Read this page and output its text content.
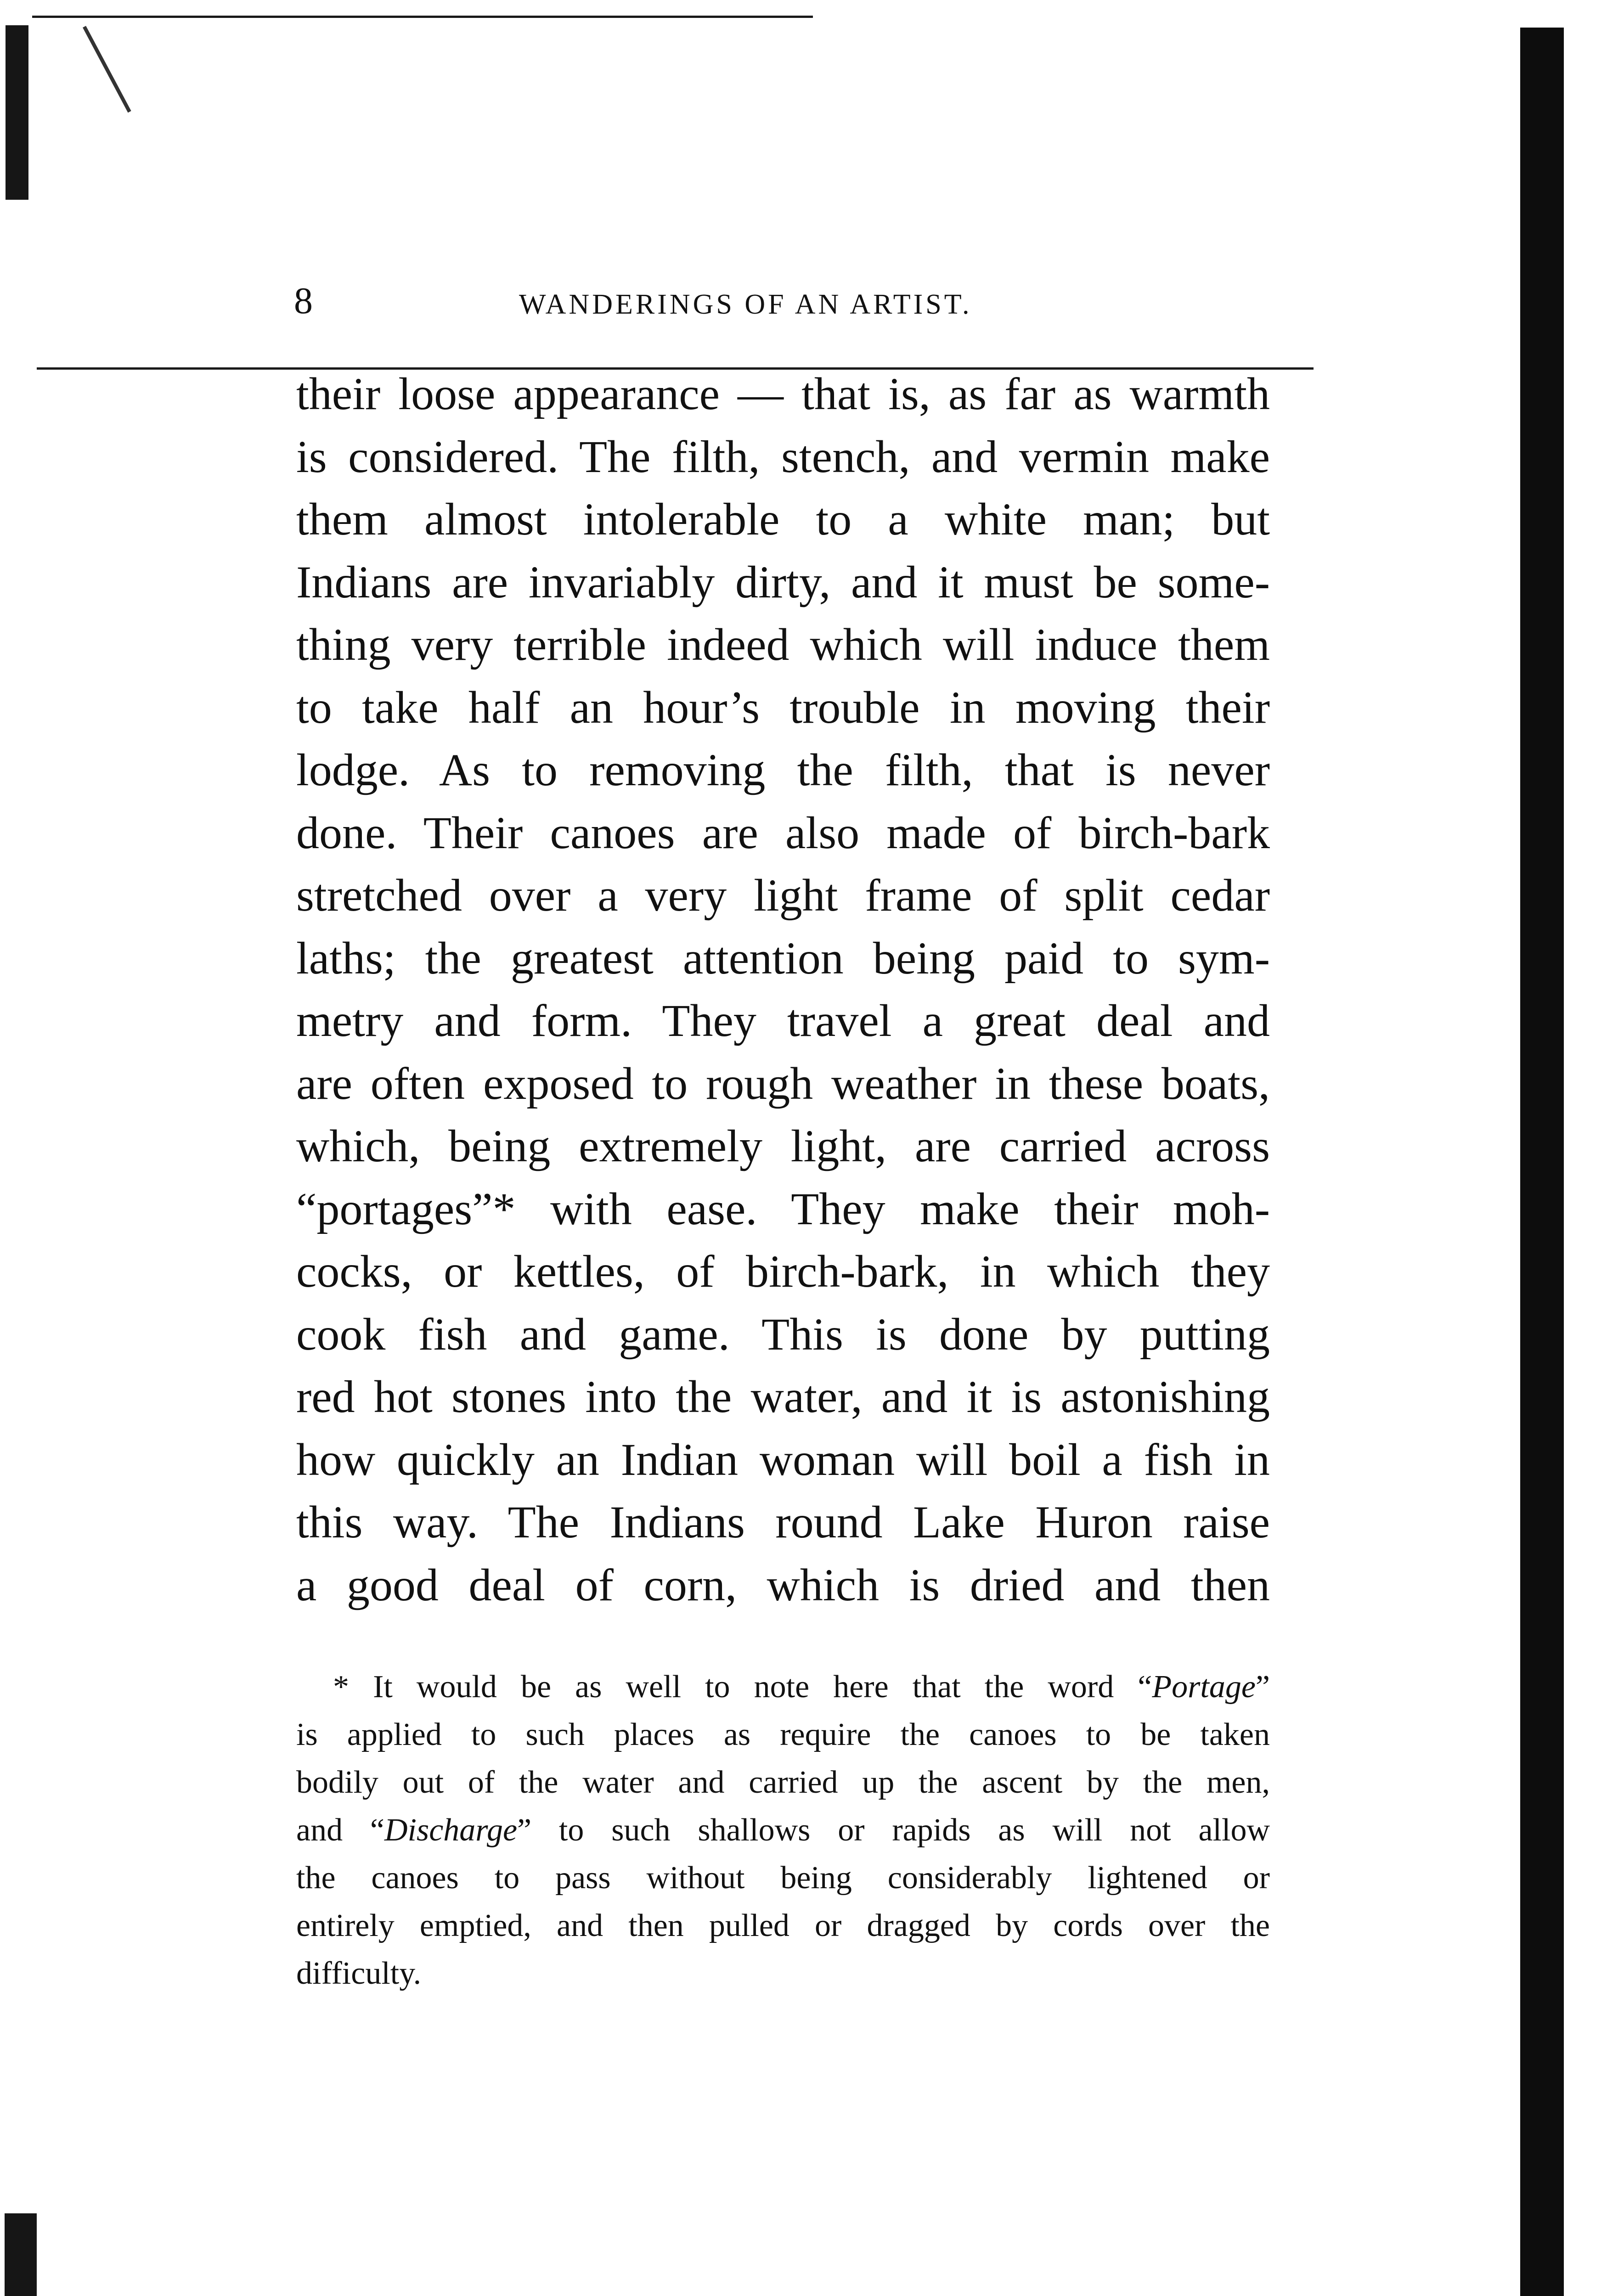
8	WANDERINGS OF AN ARTIST.
their loose appearance — that is, as far as warmth
is considered. The filth, stench, and vermin make
them almost intolerable to a white man; but
Indians are invariably dirty, and it must be some-
thing very terrible indeed which will induce them
to take half an hour’s trouble in moving their
lodge. As to removing the filth, that is never
done. Their canoes are also made of birch-bark
stretched over a very light frame of split cedar
laths; the greatest attention being paid to sym-
metry and form. They travel a great deal and
are often exposed to rough weather in these boats,
which, being extremely light, are carried across
“portages”* with ease. They make their moh-
cocks, or kettles, of birch-bark, in which they
cook fish and game. This is done by putting
red hot stones into the water, and it is astonishing
how quickly an Indian woman will boil a fish in
this way. The Indians round Lake Huron raise
a good deal of corn, which is dried and then
* It would be as well to note here that the word “Portage”
is applied to such places as require the canoes to be taken
bodily out of the water and carried up the ascent by the men,
and “Discharge” to such shallows or rapids as will not allow
the canoes to pass without being considerably lightened or
entirely emptied, and then pulled or dragged by cords over the
difficulty.
